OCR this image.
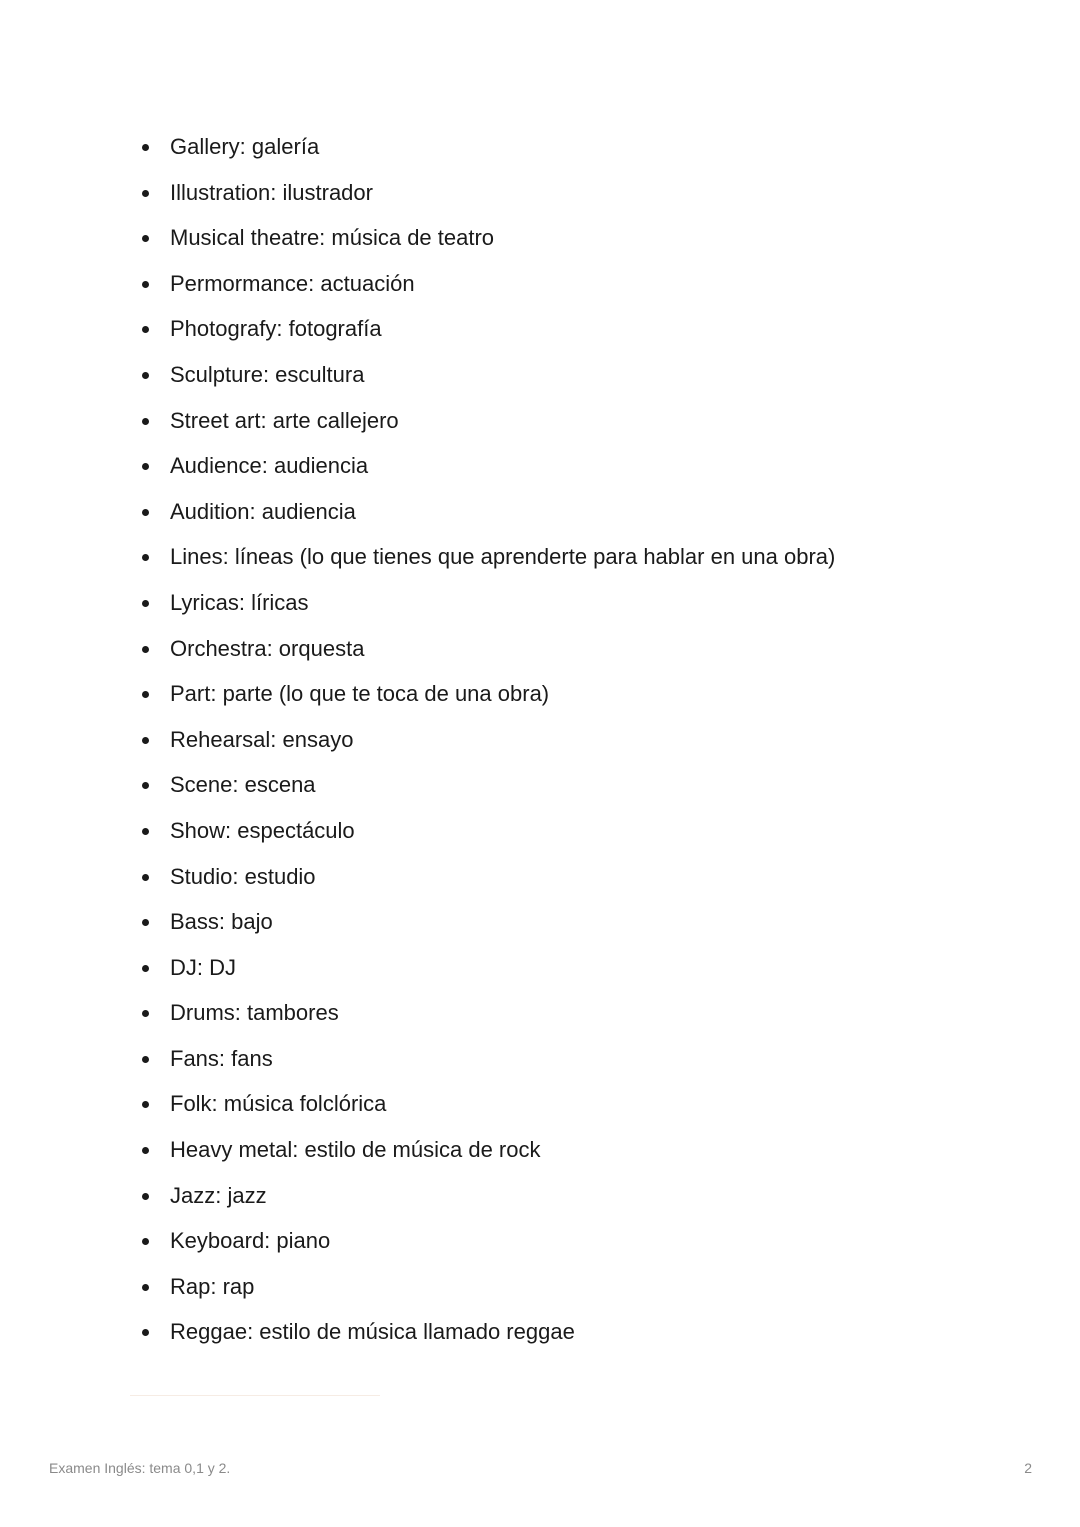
Gallery: galería
Illustration: ilustrador
Musical theatre: música de teatro
Permormance: actuación
Photografy: fotografía
Sculpture: escultura
Street art: arte callejero
Audience: audiencia
Audition: audiencia
Lines: líneas (lo que tienes que aprenderte para hablar en una obra)
Lyricas: líricas
Orchestra: orquesta
Part: parte (lo que te toca de una obra)
Rehearsal: ensayo
Scene: escena
Show: espectáculo
Studio: estudio
Bass: bajo
DJ: DJ
Drums: tambores
Fans: fans
Folk: música folclórica
Heavy metal: estilo de música de rock
Jazz: jazz
Keyboard: piano
Rap: rap
Reggae: estilo de música llamado reggae
Examen Inglés: tema 0,1 y 2.	2
